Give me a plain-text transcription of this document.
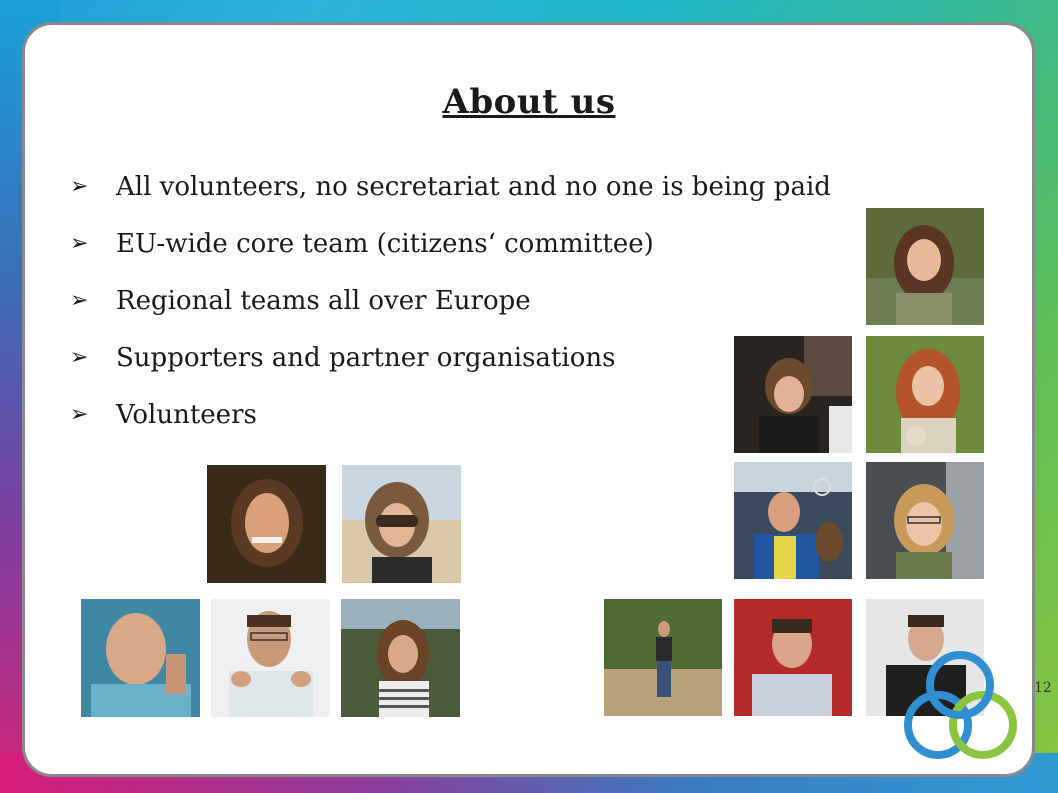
About us
➢	All volunteers, no secretariat and no one is being paid
➢	EU-wide core team (citizens‘ committee)
➢	Regional teams all over Europe
➢	Supporters and partner organisations
➢	Volunteers
12
